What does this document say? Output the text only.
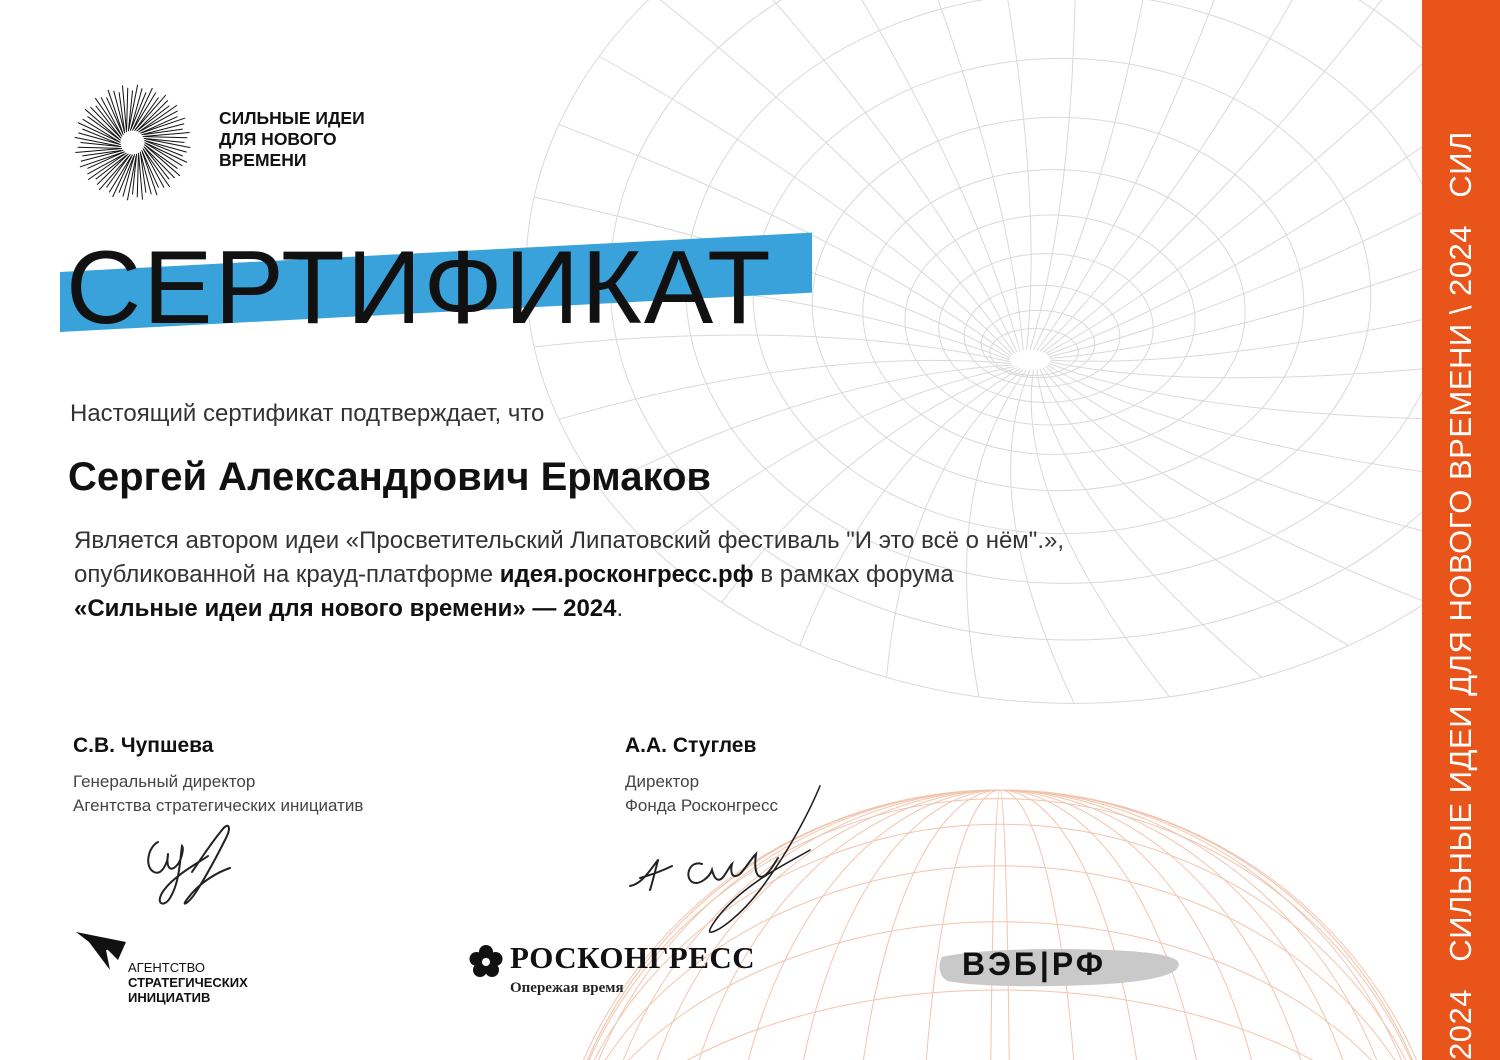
2024   СИЛЬНЫЕ ИДЕИ ДЛЯ НОВОГО ВРЕМЕНИ \ 2024   СИЛ
СИЛЬНЫЕ ИДЕИ
ДЛЯ НОВОГО
ВРЕМЕНИ
СЕРТИФИКАТ
Настоящий сертификат подтверждает, что
Сергей Александрович Ермаков
Является автором идеи «Просветительский Липатовский фестиваль "И это всё о нём".»,
опубликованной на крауд-платформе идея.росконгресс.рф в рамках форума
«Сильные идеи для нового времени» — 2024.
С.В. Чупшева
Генеральный директор
Агентства стратегических инициатив
А.А. Стуглев
Директор
Фонда Росконгресс
АГЕНТСТВО
СТРАТЕГИЧЕСКИХ
ИНИЦИАТИВ
РОСКОНГРЕСС
Опережая время
ВЭБ|РФ
